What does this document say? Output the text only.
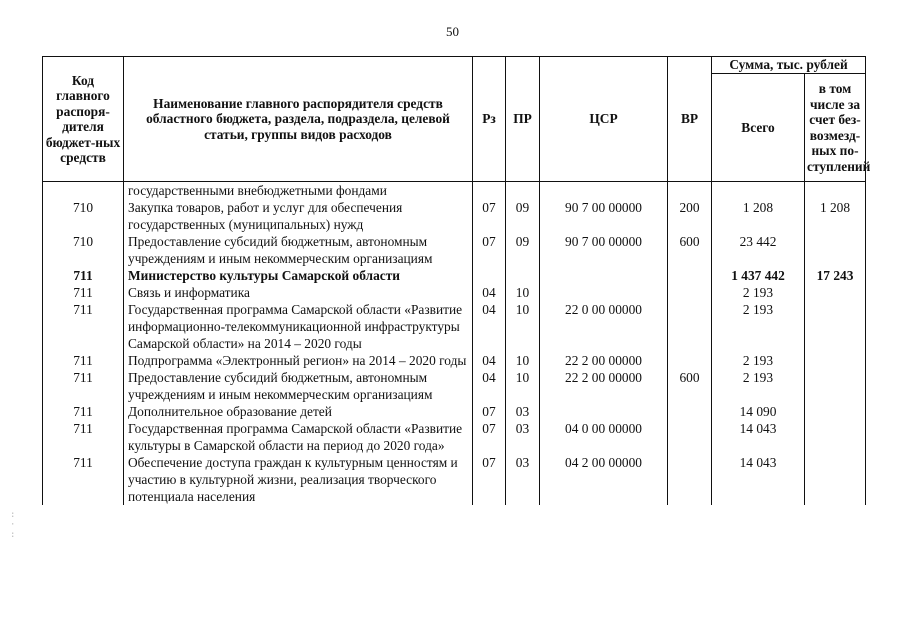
50
Код главного распоря-дителя бюджет-ных средств	Наименование главного распорядителя средств областного бюджета, раздела, подраздела, целевой статьи, группы видов расходов	Рз	ПР	ЦСР	ВР	Сумма, тыс. рублей	
						Всего	в том числе за счет без-возмезд-ных по-ступлений
	государственными внебюджетными фондами						
710	Закупка товаров, работ и услуг для обеспечения государственных (муниципальных) нужд	07	09	90 7 00 00000	200	1 208	1 208
710	Предоставление субсидий бюджетным, автономным учреждениям и иным некоммерческим организациям	07	09	90 7 00 00000	600	23 442	
711	Министерство культуры Самарской области					1 437 442	17 243
711	Связь и информатика	04	10			2 193	
711	Государственная программа Самарской области «Развитие информационно-телекоммуникационной инфраструктуры Самарской области» на 2014 – 2020 годы	04	10	22 0 00 00000		2 193	
711	Подпрограмма «Электронный регион» на 2014 – 2020 годы	04	10	22 2 00 00000		2 193	
711	Предоставление субсидий бюджетным, автономным учреждениям и иным некоммерческим организациям	04	10	22 2 00 00000	600	2 193	
711	Дополнительное образование детей	07	03			14 090	
711	Государственная программа Самарской области «Развитие культуры в Самарской области на период до 2020 года»	07	03	04 0 00 00000		14 043	
711	Обеспечение доступа граждан к культурным ценностям и участию в культурной жизни, реализация творческого потенциала населения	07	03	04 2 00 00000		14 043	
:
·
:
